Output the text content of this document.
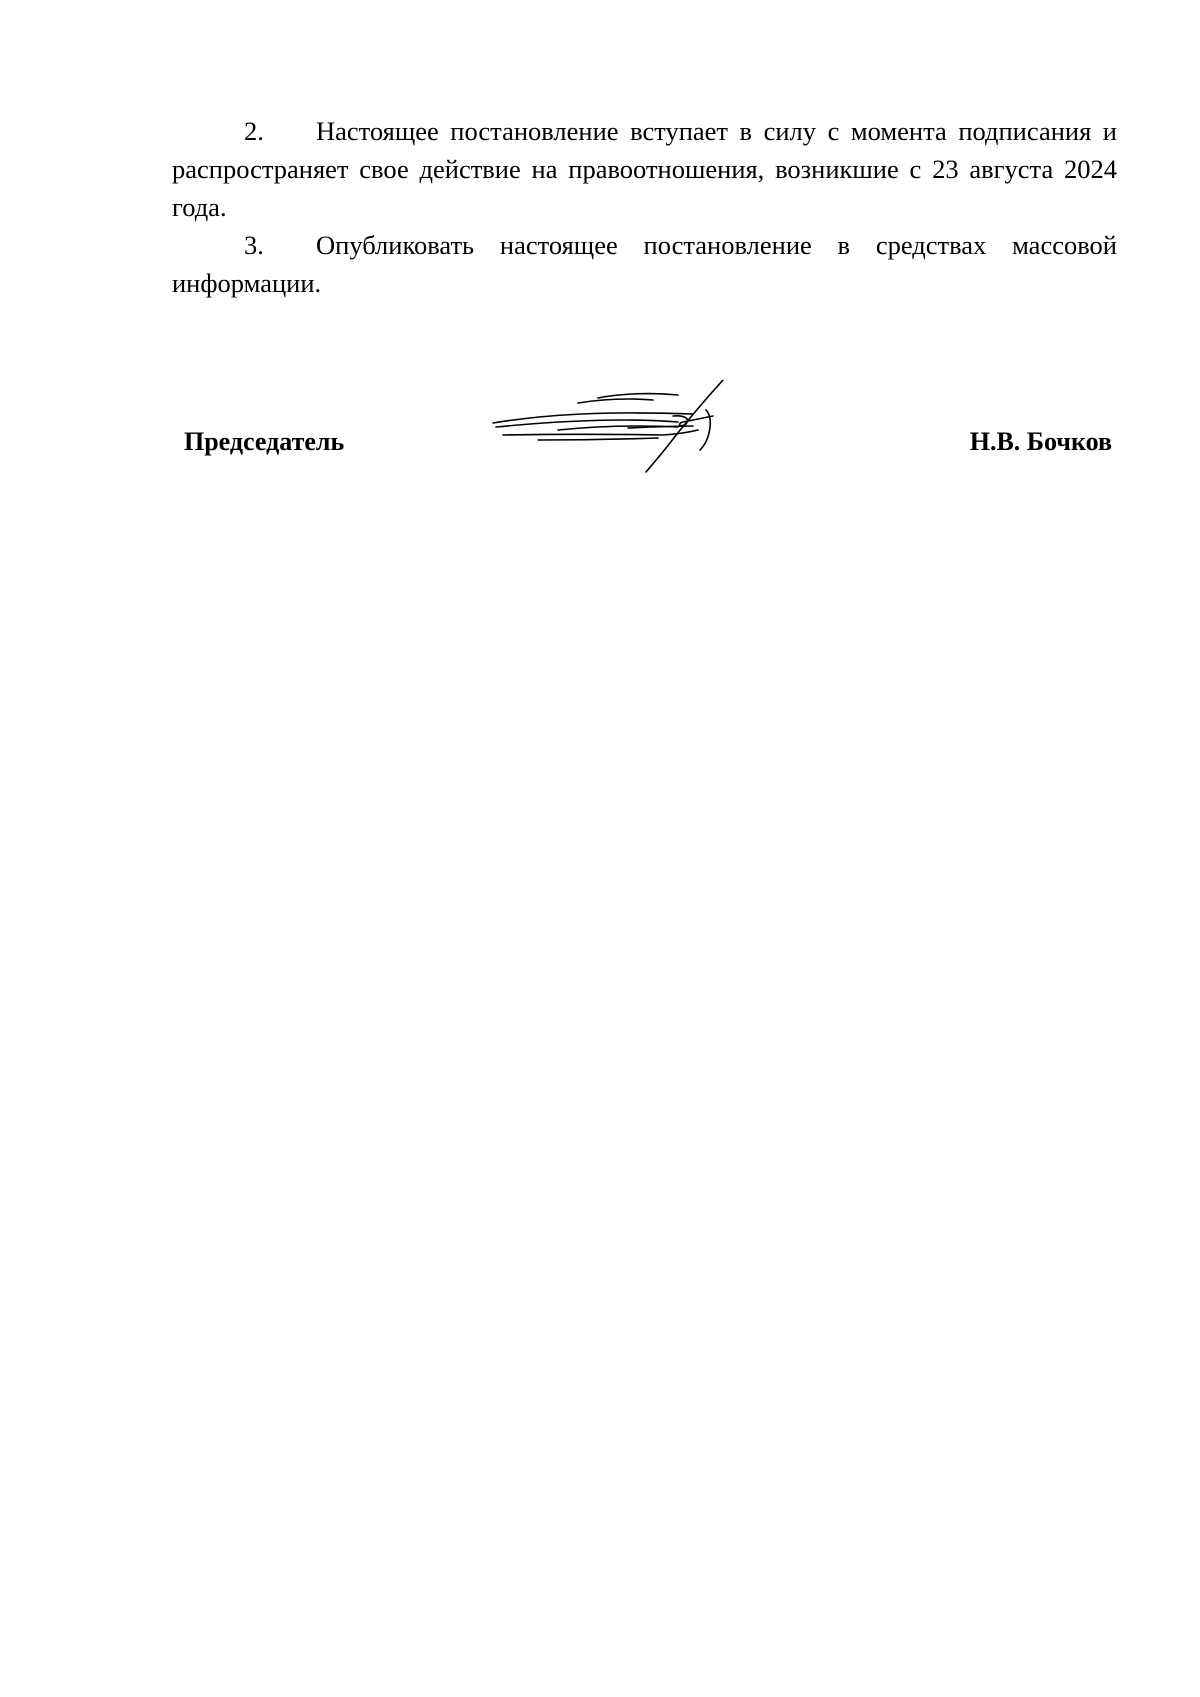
2. Настоящее постановление вступает в силу с момента подписания и распространяет свое действие на правоотношения, возникшие с 23 августа 2024 года.

3. Опубликовать настоящее постановление в средствах массовой информации.

Председатель	Н.В. Бочков
